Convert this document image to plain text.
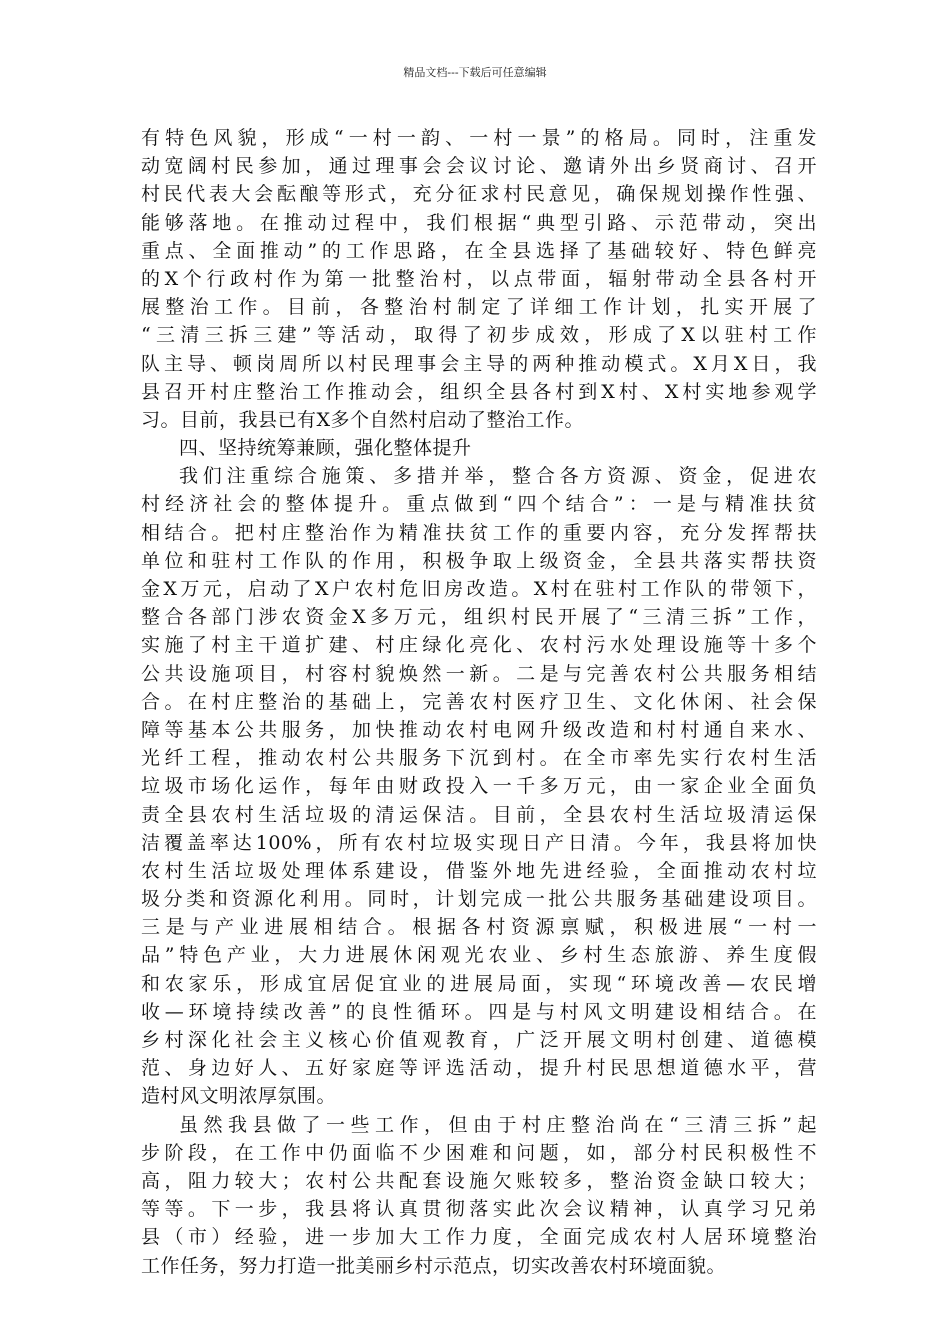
精品文档---下载后可任意编辑
有特色风貌，形成“一村一韵、一村一景”的格局。同时，注重发
动宽阔村民参加，通过理事会会议讨论、邀请外出乡贤商讨、召开
村民代表大会酝酿等形式，充分征求村民意见，确保规划操作性强、
能够落地。在推动过程中，我们根据“典型引路、示范带动，突出
重点、全面推动”的工作思路，在全县选择了基础较好、特色鲜亮
的X个行政村作为第一批整治村，以点带面，辐射带动全县各村开
展整治工作。目前，各整治村制定了详细工作计划，扎实开展了
“三清三拆三建”等活动，取得了初步成效，形成了X以驻村工作
队主导、顿岗周所以村民理事会主导的两种推动模式。X月X日，我
县召开村庄整治工作推动会，组织全县各村到X村、X村实地参观学
习。目前，我县已有X多个自然村启动了整治工作。
四、坚持统筹兼顾，强化整体提升
我们注重综合施策、多措并举，整合各方资源、资金，促进农
村经济社会的整体提升。重点做到“四个结合”：一是与精准扶贫
相结合。把村庄整治作为精准扶贫工作的重要内容，充分发挥帮扶
单位和驻村工作队的作用，积极争取上级资金，全县共落实帮扶资
金X万元，启动了X户农村危旧房改造。X村在驻村工作队的带领下，
整合各部门涉农资金X多万元，组织村民开展了“三清三拆”工作，
实施了村主干道扩建、村庄绿化亮化、农村污水处理设施等十多个
公共设施项目，村容村貌焕然一新。二是与完善农村公共服务相结
合。在村庄整治的基础上，完善农村医疗卫生、文化休闲、社会保
障等基本公共服务，加快推动农村电网升级改造和村村通自来水、
光纤工程，推动农村公共服务下沉到村。在全市率先实行农村生活
垃圾市场化运作，每年由财政投入一千多万元，由一家企业全面负
责全县农村生活垃圾的清运保洁。目前，全县农村生活垃圾清运保
洁覆盖率达100%，所有农村垃圾实现日产日清。今年，我县将加快
农村生活垃圾处理体系建设，借鉴外地先进经验，全面推动农村垃
圾分类和资源化利用。同时，计划完成一批公共服务基础建设项目。
三是与产业进展相结合。根据各村资源禀赋，积极进展“一村一
品”特色产业，大力进展休闲观光农业、乡村生态旅游、养生度假
和农家乐，形成宜居促宜业的进展局面，实现“环境改善—农民增
收—环境持续改善”的良性循环。四是与村风文明建设相结合。在
乡村深化社会主义核心价值观教育，广泛开展文明村创建、道德模
范、身边好人、五好家庭等评选活动，提升村民思想道德水平，营
造村风文明浓厚氛围。
虽然我县做了一些工作，但由于村庄整治尚在“三清三拆”起
步阶段，在工作中仍面临不少困难和问题，如，部分村民积极性不
高，阻力较大；农村公共配套设施欠账较多，整治资金缺口较大；
等等。下一步，我县将认真贯彻落实此次会议精神，认真学习兄弟
县（市）经验，进一步加大工作力度，全面完成农村人居环境整治
工作任务，努力打造一批美丽乡村示范点，切实改善农村环境面貌。
